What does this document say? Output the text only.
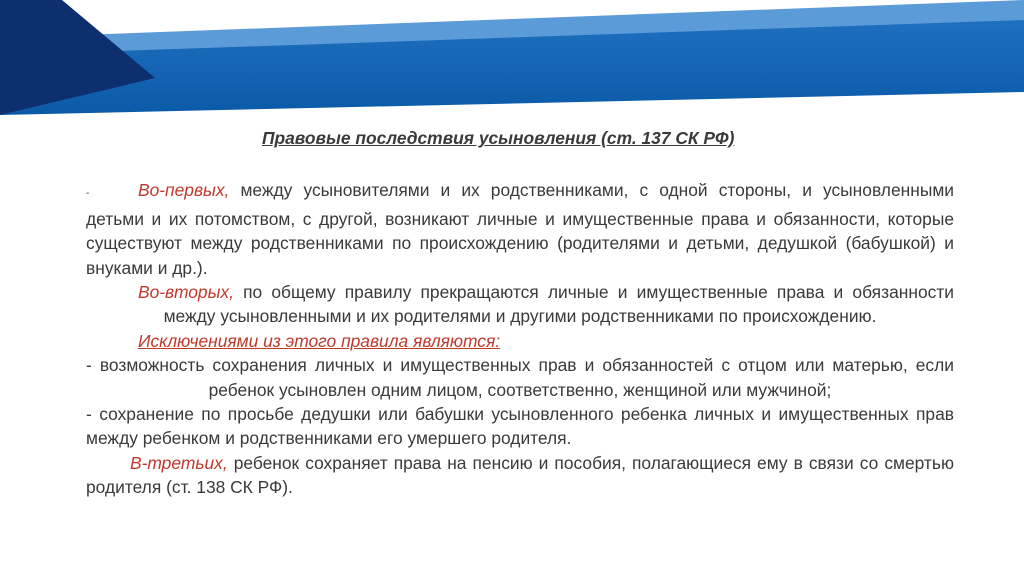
Правовые последствия усыновления (ст. 137 СК РФ)

-	Во-первых, между усыновителями и их родственниками, с одной стороны, и усыновленными детьми и их потомством, с другой, возникают личные и имущественные права и обязанности, которые существуют между родственниками по происхождению (родителями и детьми, дедушкой (бабушкой) и внуками и др.).

Во-вторых, по общему правилу прекращаются личные и имущественные права и обязанности между усыновленными и их родителями и другими родственниками по происхождению.

Исключениями из этого правила являются:

- возможность сохранения личных и имущественных прав и обязанностей с отцом или матерью, если ребенок усыновлен одним лицом, соответственно, женщиной или мужчиной;

- сохранение по просьбе дедушки или бабушки усыновленного ребенка личных и имущественных прав между ребенком и родственниками его умершего родителя.

В-третьих, ребенок сохраняет права на пенсию и пособия, полагающиеся ему в связи со смертью родителя (ст. 138 СК РФ).
